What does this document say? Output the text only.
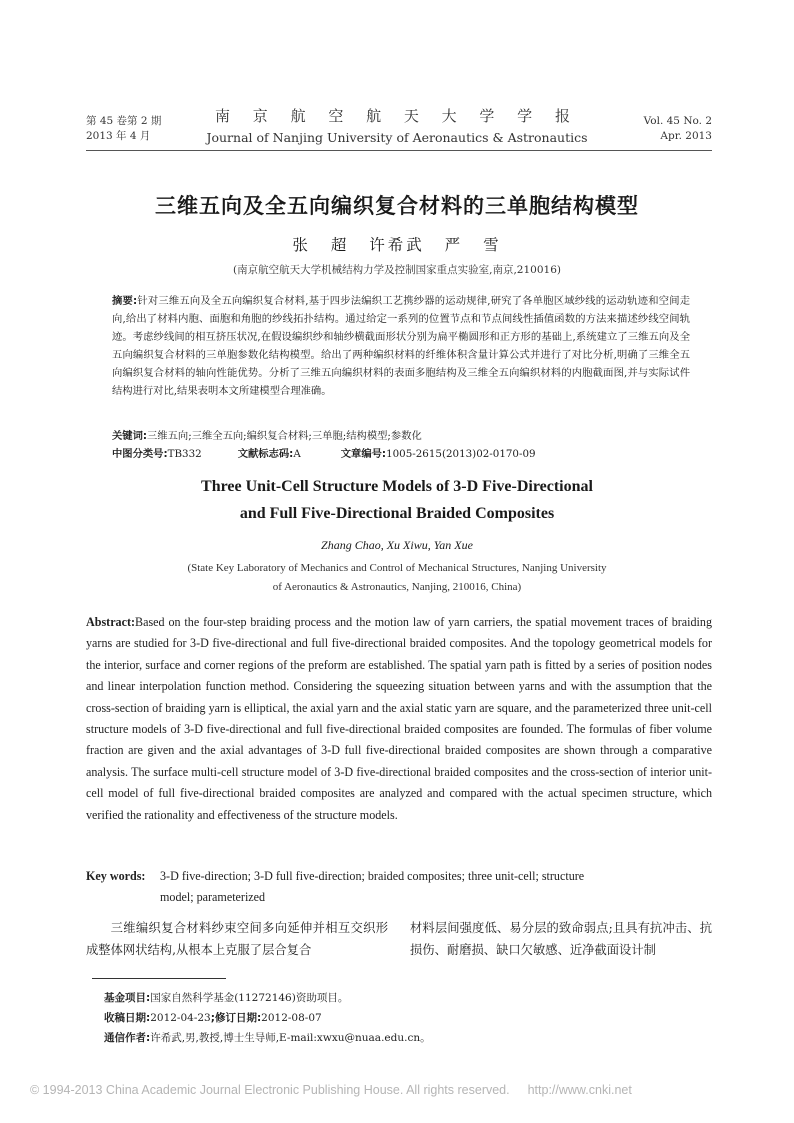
第 45 卷第 2 期
2013 年 4 月
南 京 航 空 航 天 大 学 学 报
Journal of Nanjing University of Aeronautics & Astronautics
Vol. 45 No. 2
Apr. 2013
三维五向及全五向编织复合材料的三单胞结构模型
张 超 许希武 严 雪
(南京航空航天大学机械结构力学及控制国家重点实验室,南京,210016)
摘要:针对三维五向及全五向编织复合材料,基于四步法编织工艺携纱器的运动规律,研究了各单胞区域纱线的运动轨迹和空间走向,给出了材料内胞、面胞和角胞的纱线拓扑结构。通过给定一系列的位置节点和节点间线性插值函数的方法来描述纱线空间轨迹。考虑纱线间的相互挤压状况,在假设编织纱和轴纱横截面形状分别为扁平椭圆形和正方形的基础上,系统建立了三维五向及全五向编织复合材料的三单胞参数化结构模型。给出了两种编织材料的纤维体积含量计算公式并进行了对比分析,明确了三维全五向编织复合材料的轴向性能优势。分析了三维五向编织材料的表面多胞结构及三维全五向编织材料的内胞截面图,并与实际试件结构进行对比,结果表明本文所建模型合理准确。
关键词:三维五向;三维全五向;编织复合材料;三单胞;结构模型;参数化
中图分类号:TB332	文献标志码:A	文章编号:1005-2615(2013)02-0170-09
Three Unit-Cell Structure Models of 3-D Five-Directional
and Full Five-Directional Braided Composites
Zhang Chao, Xu Xiwu, Yan Xue
(State Key Laboratory of Mechanics and Control of Mechanical Structures, Nanjing University
of Aeronautics & Astronautics, Nanjing, 210016, China)
Abstract:Based on the four-step braiding process and the motion law of yarn carriers, the spatial movement traces of braiding yarns are studied for 3-D five-directional and full five-directional braided composites. And the topology geometrical models for the interior, surface and corner regions of the preform are established. The spatial yarn path is fitted by a series of position nodes and linear interpolation function method. Considering the squeezing situation between yarns and with the assumption that the cross-section of braiding yarn is elliptical, the axial yarn and the axial static yarn are square, and the parameterized three unit-cell structure models of 3-D five-directional and full five-directional braided composites are founded. The formulas of fiber volume fraction are given and the axial advantages of 3-D full five-directional braided composites are shown through a comparative analysis. The surface multi-cell structure model of 3-D five-directional braided composites and the cross-section of interior unit-cell model of full five-directional braided composites are analyzed and compared with the actual specimen structure, which verified the rationality and effectiveness of the structure models.
Key words: 3-D five-direction; 3-D full five-direction; braided composites; three unit-cell; structure
model; parameterized
三维编织复合材料纱束空间多向延伸并相互交织形成整体网状结构,从根本上克服了层合复合
材料层间强度低、易分层的致命弱点;且具有抗冲击、抗损伤、耐磨损、缺口欠敏感、近净截面设计制
基金项目:国家自然科学基金(11272146)资助项目。
收稿日期:2012-04-23;修订日期:2012-08-07
通信作者:许希武,男,教授,博士生导师,E-mail:xwxu@nuaa.edu.cn。
© 1994-2013 China Academic Journal Electronic Publishing House. All rights reserved. http://www.cnki.net
